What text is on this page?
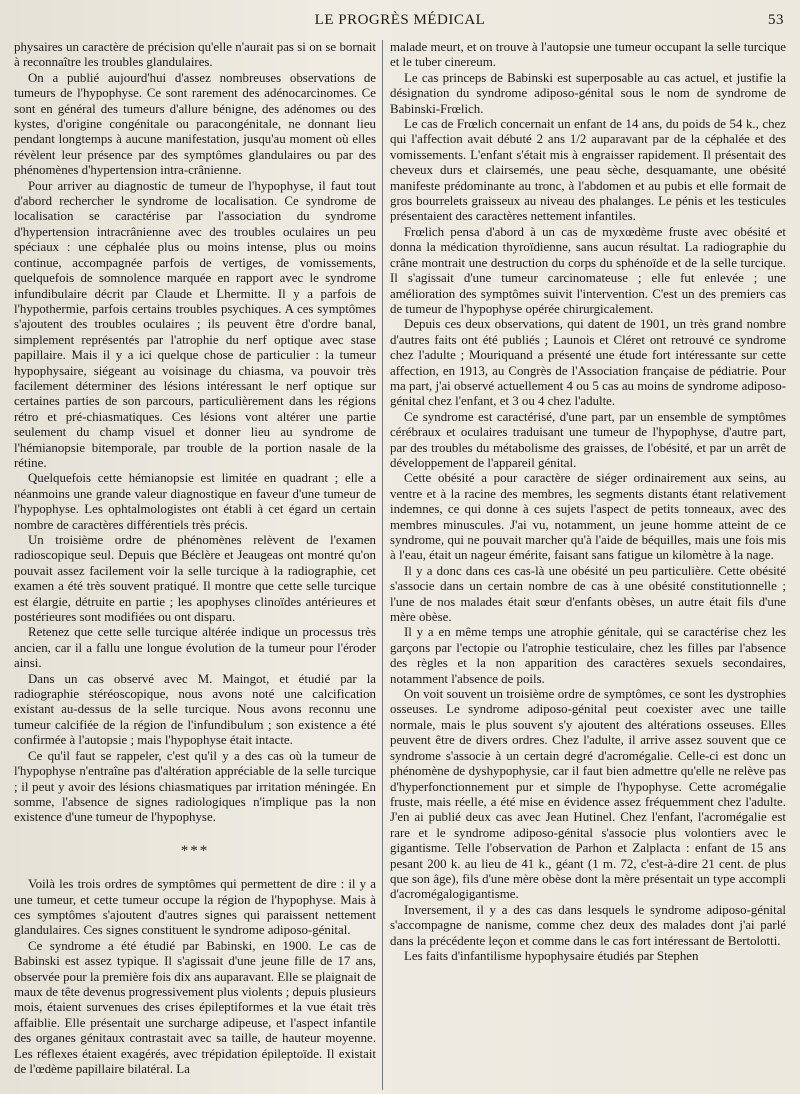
LE PROGRÈS MÉDICAL	53

physaires un caractère de précision qu'elle n'aurait pas si on se bornait à reconnaître les troubles glandulaires.

On a publié aujourd'hui d'assez nombreuses observations de tumeurs de l'hypophyse. Ce sont rarement des adénocarcinomes. Ce sont en général des tumeurs d'allure bénigne, des adénomes ou des kystes, d'origine congénitale ou paracongénitale, ne donnant lieu pendant longtemps à aucune manifestation, jusqu'au moment où elles révèlent leur présence par des symptômes glandulaires ou par des phénomènes d'hypertension intra-crânienne.

Pour arriver au diagnostic de tumeur de l'hypophyse, il faut tout d'abord rechercher le syndrome de localisation. Ce syndrome de localisation se caractérise par l'association du syndrome d'hypertension intracrânienne avec des troubles oculaires un peu spéciaux : une céphalée plus ou moins intense, plus ou moins continue, accompagnée parfois de vertiges, de vomissements, quelquefois de somnolence marquée en rapport avec le syndrome infundibulaire décrit par Claude et Lhermitte. Il y a parfois de l'hypothermie, parfois certains troubles psychiques. A ces symptômes s'ajoutent des troubles oculaires ; ils peuvent être d'ordre banal, simplement représentés par l'atrophie du nerf optique avec stase papillaire. Mais il y a ici quelque chose de particulier : la tumeur hypophysaire, siégeant au voisinage du chiasma, va pouvoir très facilement déterminer des lésions intéressant le nerf optique sur certaines parties de son parcours, particulièrement dans les régions rétro et pré-chiasmatiques. Ces lésions vont altérer une partie seulement du champ visuel et donner lieu au syndrome de l'hémianopsie bitemporale, par trouble de la portion nasale de la rétine.

Quelquefois cette hémianopsie est limitée en quadrant ; elle a néanmoins une grande valeur diagnostique en faveur d'une tumeur de l'hypophyse. Les ophtalmologistes ont établi à cet égard un certain nombre de caractères différentiels très précis.

Un troisième ordre de phénomènes relèvent de l'examen radioscopique seul. Depuis que Béclère et Jeaugeas ont montré qu'on pouvait assez facilement voir la selle turcique à la radiographie, cet examen a été très souvent pratiqué. Il montre que cette selle turcique est élargie, détruite en partie ; les apophyses clinoïdes antérieures et postérieures sont modifiées ou ont disparu.

Retenez que cette selle turcique altérée indique un processus très ancien, car il a fallu une longue évolution de la tumeur pour l'éroder ainsi.

Dans un cas observé avec M. Maingot, et étudié par la radiographie stéréoscopique, nous avons noté une calcification existant au-dessus de la selle turcique. Nous avons reconnu une tumeur calcifiée de la région de l'infundibulum ; son existence a été confirmée à l'autopsie ; mais l'hypophyse était intacte.

Ce qu'il faut se rappeler, c'est qu'il y a des cas où la tumeur de l'hypophyse n'entraîne pas d'altération appréciable de la selle turcique ; il peut y avoir des lésions chiasmatiques par irritation méningée. En somme, l'absence de signes radiologiques n'implique pas la non existence d'une tumeur de l'hypophyse.

***

Voilà les trois ordres de symptômes qui permettent de dire : il y a une tumeur, et cette tumeur occupe la région de l'hypophyse. Mais à ces symptômes s'ajoutent d'autres signes qui paraissent nettement glandulaires. Ces signes constituent le syndrome adiposo-génital.

Ce syndrome a été étudié par Babinski, en 1900. Le cas de Babinski est assez typique. Il s'agissait d'une jeune fille de 17 ans, observée pour la première fois dix ans auparavant. Elle se plaignait de maux de tête devenus progressivement plus violents ; depuis plusieurs mois, étaient survenues des crises épileptiformes et la vue était très affaiblie. Elle présentait une surcharge adipeuse, et l'aspect infantile des organes génitaux contrastait avec sa taille, de hauteur moyenne. Les réflexes étaient exagérés, avec trépidation épileptoïde. Il existait de l'œdème papillaire bilatéral. La

malade meurt, et on trouve à l'autopsie une tumeur occupant la selle turcique et le tuber cinereum.

Le cas princeps de Babinski est superposable au cas actuel, et justifie la désignation du syndrome adiposo-génital sous le nom de syndrome de Babinski-Frœlich.

Le cas de Frœlich concernait un enfant de 14 ans, du poids de 54 k., chez qui l'affection avait débuté 2 ans 1/2 auparavant par de la céphalée et des vomissements. L'enfant s'était mis à engraisser rapidement. Il présentait des cheveux durs et clairsemés, une peau sèche, desquamante, une obésité manifeste prédominante au tronc, à l'abdomen et au pubis et elle formait de gros bourrelets graisseux au niveau des phalanges. Le pénis et les testicules présentaient des caractères nettement infantiles.

Frœlich pensa d'abord à un cas de myxœdème fruste avec obésité et donna la médication thyroïdienne, sans aucun résultat. La radiographie du crâne montrait une destruction du corps du sphénoïde et de la selle turcique. Il s'agissait d'une tumeur carcinomateuse ; elle fut enlevée ; une amélioration des symptômes suivit l'intervention. C'est un des premiers cas de tumeur de l'hypophyse opérée chirurgicalement.

Depuis ces deux observations, qui datent de 1901, un très grand nombre d'autres faits ont été publiés ; Launois et Cléret ont retrouvé ce syndrome chez l'adulte ; Mouriquand a présenté une étude fort intéressante sur cette affection, en 1913, au Congrès de l'Association française de pédiatrie. Pour ma part, j'ai observé actuellement 4 ou 5 cas au moins de syndrome adiposo-génital chez l'enfant, et 3 ou 4 chez l'adulte.

Ce syndrome est caractérisé, d'une part, par un ensemble de symptômes cérébraux et oculaires traduisant une tumeur de l'hypophyse, d'autre part, par des troubles du métabolisme des graisses, de l'obésité, et par un arrêt de développement de l'appareil génital.

Cette obésité a pour caractère de siéger ordinairement aux seins, au ventre et à la racine des membres, les segments distants étant relativement indemnes, ce qui donne à ces sujets l'aspect de petits tonneaux, avec des membres minuscules. J'ai vu, notamment, un jeune homme atteint de ce syndrome, qui ne pouvait marcher qu'à l'aide de béquilles, mais une fois mis à l'eau, était un nageur émérite, faisant sans fatigue un kilomètre à la nage.

Il y a donc dans ces cas-là une obésité un peu particulière. Cette obésité s'associe dans un certain nombre de cas à une obésité constitutionnelle ; l'une de nos malades était sœur d'enfants obèses, un autre était fils d'une mère obèse.

Il y a en même temps une atrophie génitale, qui se caractérise chez les garçons par l'ectopie ou l'atrophie testiculaire, chez les filles par l'absence des règles et la non apparition des caractères sexuels secondaires, notamment l'absence de poils.

On voit souvent un troisième ordre de symptômes, ce sont les dystrophies osseuses. Le syndrome adiposo-génital peut coexister avec une taille normale, mais le plus souvent s'y ajoutent des altérations osseuses. Elles peuvent être de divers ordres. Chez l'adulte, il arrive assez souvent que ce syndrome s'associe à un certain degré d'acromégalie. Celle-ci est donc un phénomène de dyshypophysie, car il faut bien admettre qu'elle ne relève pas d'hyperfonctionnement pur et simple de l'hypophyse. Cette acromégalie fruste, mais réelle, a été mise en évidence assez fréquemment chez l'adulte. J'en ai publié deux cas avec Jean Hutinel. Chez l'enfant, l'acromégalie est rare et le syndrome adiposo-génital s'associe plus volontiers avec le gigantisme. Telle l'observation de Parhon et Zalplacta : enfant de 15 ans pesant 200 k. au lieu de 41 k., géant (1 m. 72, c'est-à-dire 21 cent. de plus que son âge), fils d'une mère obèse dont la mère présentait un type accompli d'acromégalogigantisme.

Inversement, il y a des cas dans lesquels le syndrome adiposo-génital s'accompagne de nanisme, comme chez deux des malades dont j'ai parlé dans la précédente leçon et comme dans le cas fort intéressant de Bertolotti.

Les faits d'infantilisme hypophysaire étudiés par Stephen
